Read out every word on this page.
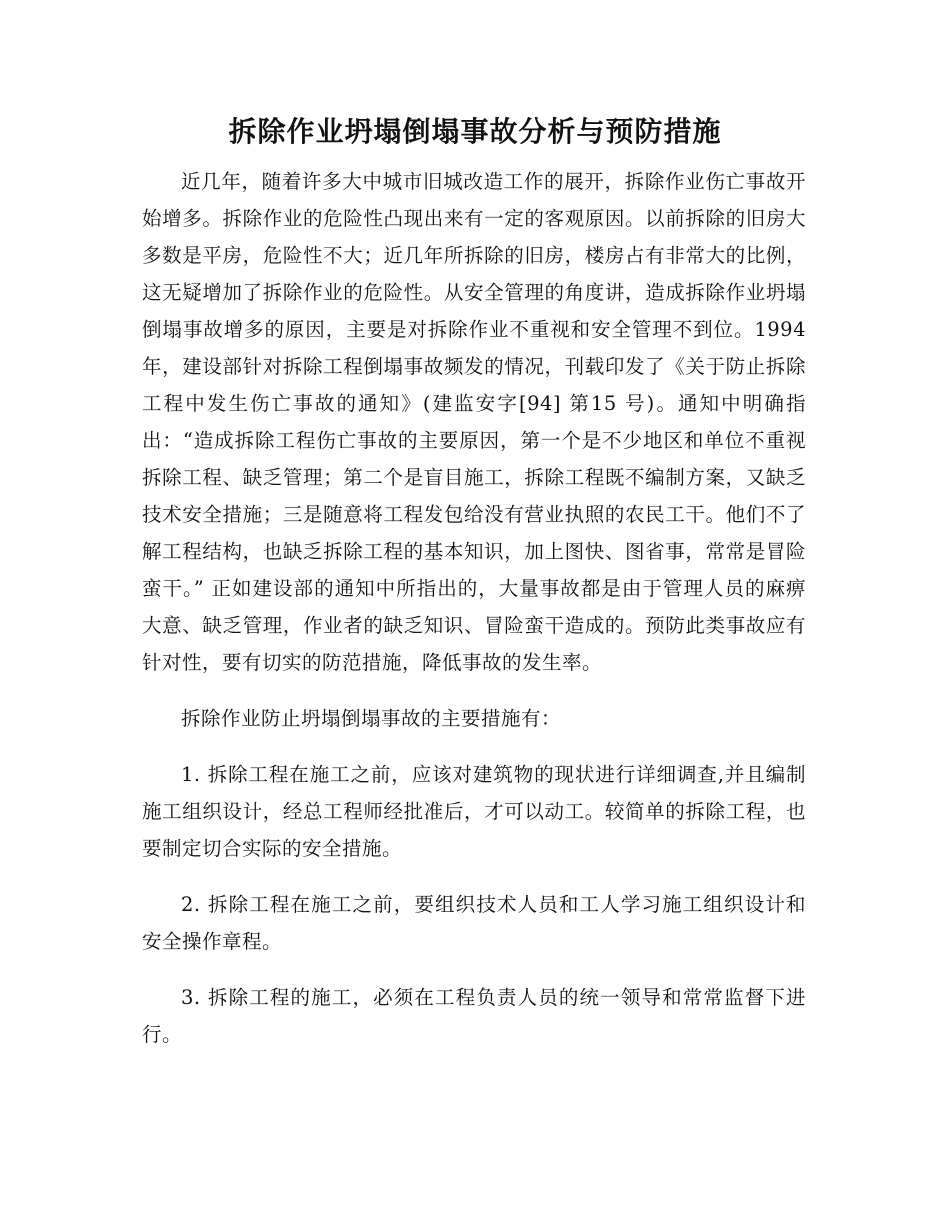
拆除作业坍塌倒塌事故分析与预防措施

近几年，随着许多大中城市旧城改造工作的展开，拆除作业伤亡事故开始增多。拆除作业的危险性凸现出来有一定的客观原因。以前拆除的旧房大多数是平房，危险性不大；近几年所拆除的旧房，楼房占有非常大的比例，这无疑增加了拆除作业的危险性。从安全管理的角度讲，造成拆除作业坍塌倒塌事故增多的原因，主要是对拆除作业不重视和安全管理不到位。1994 年，建设部针对拆除工程倒塌事故频发的情况，刊载印发了《关于防止拆除工程中发生伤亡事故的通知》(建监安字[94] 第15 号)。通知中明确指出：“造成拆除工程伤亡事故的主要原因，第一个是不少地区和单位不重视拆除工程、缺乏管理；第二个是盲目施工，拆除工程既不编制方案，又缺乏技术安全措施；三是随意将工程发包给没有营业执照的农民工干。他们不了解工程结构，也缺乏拆除工程的基本知识，加上图快、图省事，常常是冒险蛮干。” 正如建设部的通知中所指出的，大量事故都是由于管理人员的麻痹大意、缺乏管理，作业者的缺乏知识、冒险蛮干造成的。预防此类事故应有针对性，要有切实的防范措施，降低事故的发生率。

拆除作业防止坍塌倒塌事故的主要措施有：

1. 拆除工程在施工之前，应该对建筑物的现状进行详细调查,并且编制施工组织设计，经总工程师经批准后，才可以动工。较简单的拆除工程，也要制定切合实际的安全措施。

2. 拆除工程在施工之前，要组织技术人员和工人学习施工组织设计和安全操作章程。

3. 拆除工程的施工，必须在工程负责人员的统一领导和常常监督下进行。
